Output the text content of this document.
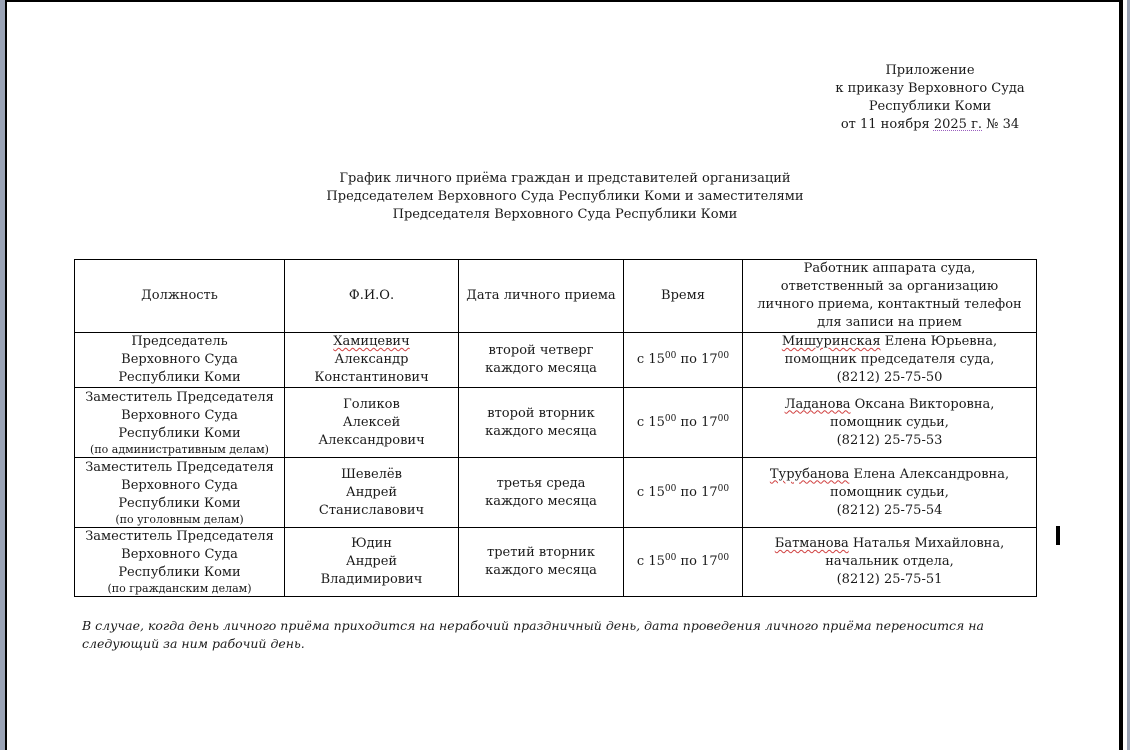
Приложение
к приказу Верховного Суда
Республики Коми
от 11 ноября 2025 г. № 34
График личного приёма граждан и представителей организаций
Председателем Верховного Суда Республики Коми и заместителями
Председателя Верховного Суда Республики Коми
Должность	Ф.И.О.	Дата личного приема	Время	Работник аппарата суда,
ответственный за организацию
личного приема, контактный телефон
для записи на прием

Председатель
Верховного Суда
Республики Коми	Хамицевич
Александр
Константинович	второй четверг
каждого месяца	с $15^{00}$ по $17^{00}$	Мишуринская Елена Юрьевна,
помощник председателя суда,
(8212) 25-75-50

Заместитель Председателя
Верховного Суда
Республики Коми
(по административным делам)	Голиков
Алексей
Александрович	второй вторник
каждого месяца	с $15^{00}$ по $17^{00}$	Ладанова Оксана Викторовна,
помощник судьи,
(8212) 25-75-53

Заместитель Председателя
Верховного Суда
Республики Коми
(по уголовным делам)	Шевелёв
Андрей
Станиславович	третья среда
каждого месяца	с $15^{00}$ по $17^{00}$	Турубанова Елена Александровна,
помощник судьи,
(8212) 25-75-54

Заместитель Председателя
Верховного Суда
Республики Коми
(по гражданским делам)	Юдин
Андрей
Владимирович	третий вторник
каждого месяца	с $15^{00}$ по $17^{00}$	Батманова Наталья Михайловна,
начальник отдела,
(8212) 25-75-51
В случае, когда день личного приёма приходится на нерабочий праздничный день, дата проведения личного приёма переносится на следующий за ним рабочий день.
